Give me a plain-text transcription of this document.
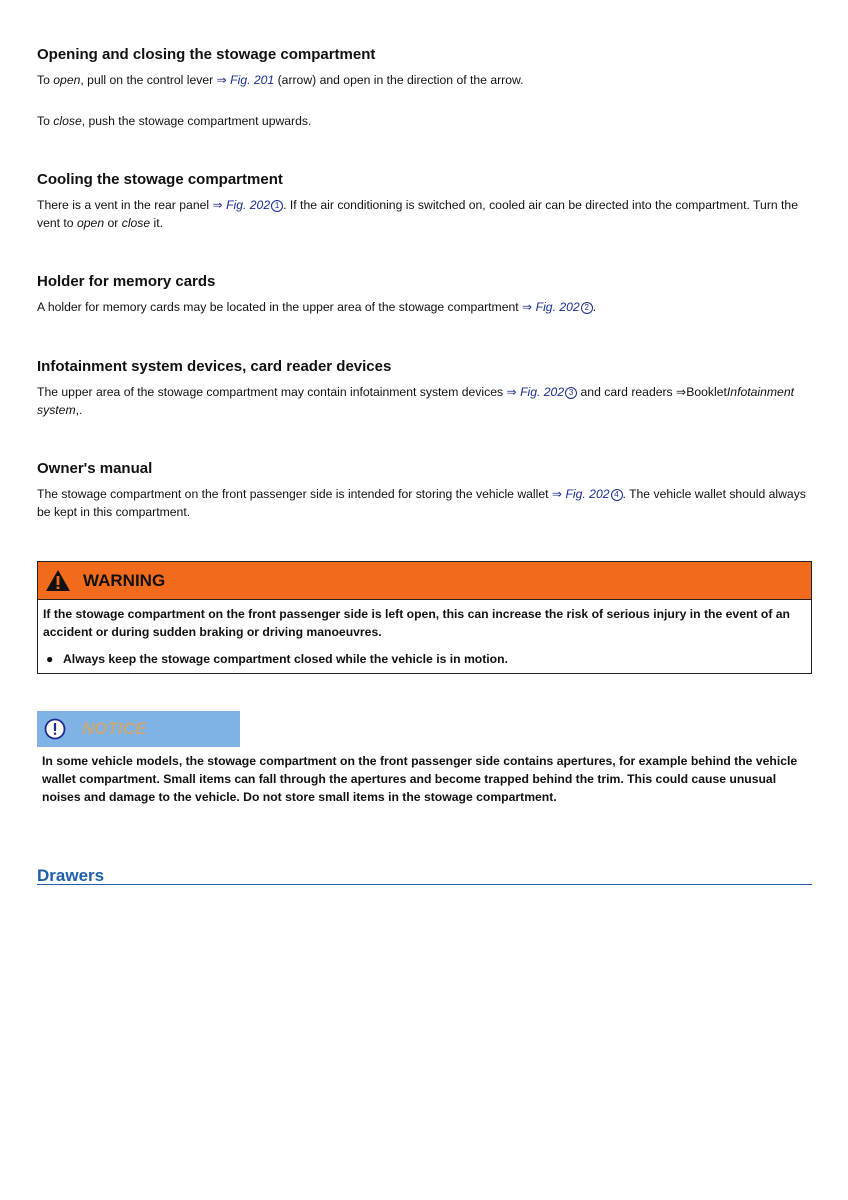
Opening and closing the stowage compartment

To open, pull on the control lever ⇒ Fig. 201 (arrow) and open in the direction of the arrow.

To close, push the stowage compartment upwards.

Cooling the stowage compartment

There is a vent in the rear panel ⇒ Fig. 202 1 . If the air conditioning is switched on, cooled air can be directed into the compartment. Turn the vent to open or close it.

Holder for memory cards

A holder for memory cards may be located in the upper area of the stowage compartment ⇒ Fig. 202 2 .

Infotainment system devices, card reader devices

The upper area of the stowage compartment may contain infotainment system devices ⇒ Fig. 202 3 and card readers ⇒BookletInfotainment system,.

Owner's manual

The stowage compartment on the front passenger side is intended for storing the vehicle wallet ⇒ Fig. 202 4 . The vehicle wallet should always be kept in this compartment.

WARNING
If the stowage compartment on the front passenger side is left open, this can increase the risk of serious injury in the event of an accident or during sudden braking or driving manoeuvres.
● Always keep the stowage compartment closed while the vehicle is in motion.
NOTICE

In some vehicle models, the stowage compartment on the front passenger side contains apertures, for example behind the vehicle wallet compartment. Small items can fall through the apertures and become trapped behind the trim. This could cause unusual noises and damage to the vehicle. Do not store small items in the stowage compartment.

Drawers
